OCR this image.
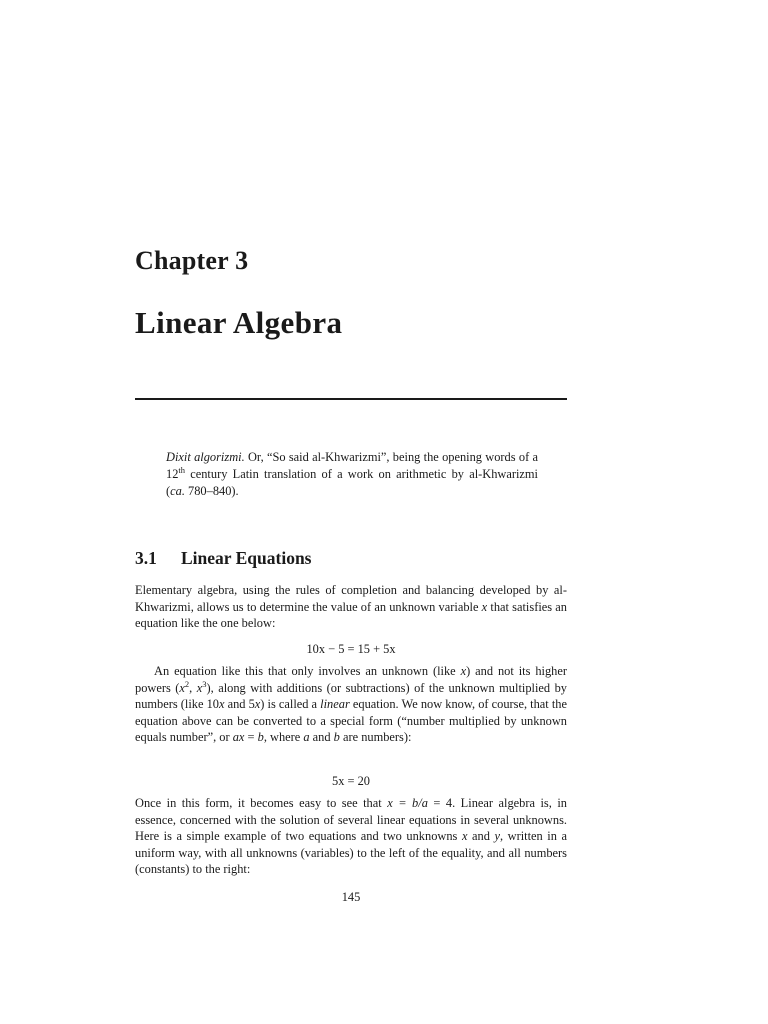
Chapter 3
Linear Algebra
Dixit algorizmi. Or, “So said al-Khwarizmi”, being the opening words of a 12th century Latin translation of a work on arithmetic by al-Khwarizmi (ca. 780–840).
3.1 Linear Equations
Elementary algebra, using the rules of completion and balancing developed by al-Khwarizmi, allows us to determine the value of an unknown variable x that satisfies an equation like the one below:
10x − 5 = 15 + 5x
An equation like this that only involves an unknown (like x) and not its higher powers ($x^2$, $x^3$), along with additions (or subtractions) of the unknown multiplied by numbers (like 10x and 5x) is called a linear equation. We now know, of course, that the equation above can be converted to a special form (“number multiplied by unknown equals number”, or ax = b, where a and b are numbers):
5x = 20
Once in this form, it becomes easy to see that x = b/a = 4. Linear algebra is, in essence, concerned with the solution of several linear equations in several unknowns. Here is a simple example of two equations and two unknowns x and y, written in a uniform way, with all unknowns (variables) to the left of the equality, and all numbers (constants) to the right:
145
